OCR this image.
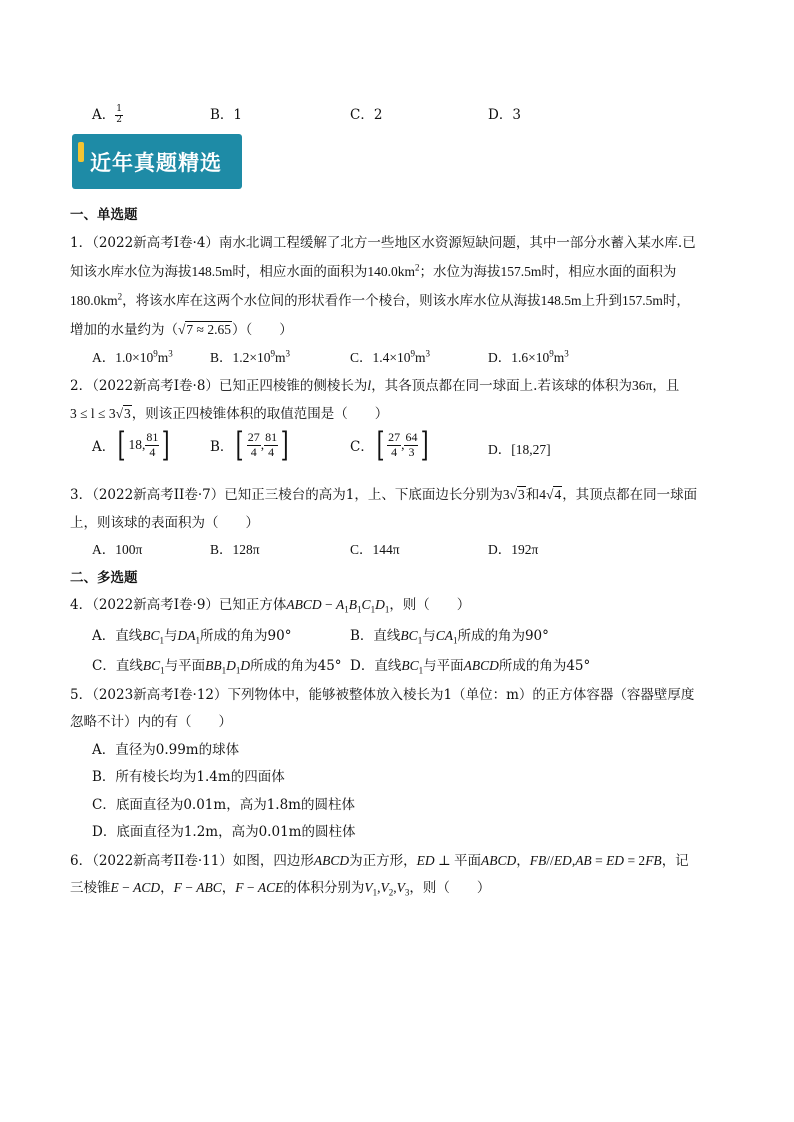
A． $\frac{1}{2}$	B．1	C．2	D．3
近年真题精选
一、单选题
1．（2022新高考I卷·4）南水北调工程缓解了北方一些地区水资源短缺问题，其中一部分水蓄入某水库.已
知该水库水位为海拔148.5m时，相应水面的面积为$140.0km^2$；水位为海拔157.5m时，相应水面的面积为
$180.0km^2$，将该水库在这两个水位间的形状看作一个棱台，则该水库水位从海拔148.5m上升到157.5m时，
增加的水量约为（√7 ≈ 2.65）（　　）
A．$1.0\times 10^9m^3$	B．$1.2\times 10^9m^3$	C．$1.4\times 10^9m^3$	D．$1.6\times 10^9m^3$
2．（2022新高考I卷·8）已知正四棱锥的侧棱长为l，其各顶点都在同一球面上.若该球的体积为36π，且
3 ≤ l ≤ 3√3，则该正四棱锥体积的取值范围是（　　）
A． [ 18, $\frac{81}{4}$ ]	B． [ $\frac{27}{4}$ , $\frac{81}{4}$ ]	C． [ $\frac{27}{4}$ , $\frac{64}{3}$ ]	D．[18,27]
3．（2022新高考II卷·7）已知正三棱台的高为1，上、下底面边长分别为3√3和4√4，其顶点都在同一球面
上，则该球的表面积为（　　）
A．100π	B．128π	C．144π	D．192π
二、多选题
4．（2022新高考I卷·9）已知正方体ABCD − $A_1B_1C_1D_1$，则（　　）
A．直线$BC_1$与$DA_1$所成的角为90°	B．直线$BC_1$与$CA_1$所成的角为90°
C．直线$BC_1$与平面$BB_1D_1D$所成的角为45° D．直线$BC_1$与平面ABCD所成的角为45°
5．（2023新高考I卷·12）下列物体中，能够被整体放入棱长为1（单位：m）的正方体容器（容器壁厚度
忽略不计）内的有（　　）
A．直径为0.99m的球体
B．所有棱长均为1.4m的四面体
C．底面直径为0.01m，高为1.8m的圆柱体
D．底面直径为1.2m，高为0.01m的圆柱体
6．（2022新高考II卷·11）如图，四边形ABCD为正方形，ED ⊥ 平面ABCD，FB//ED,AB = ED = 2FB，记
三棱锥E − ACD，F − ABC，F − ACE的体积分别为$V_1,V_2,V_3$，则（　　）
